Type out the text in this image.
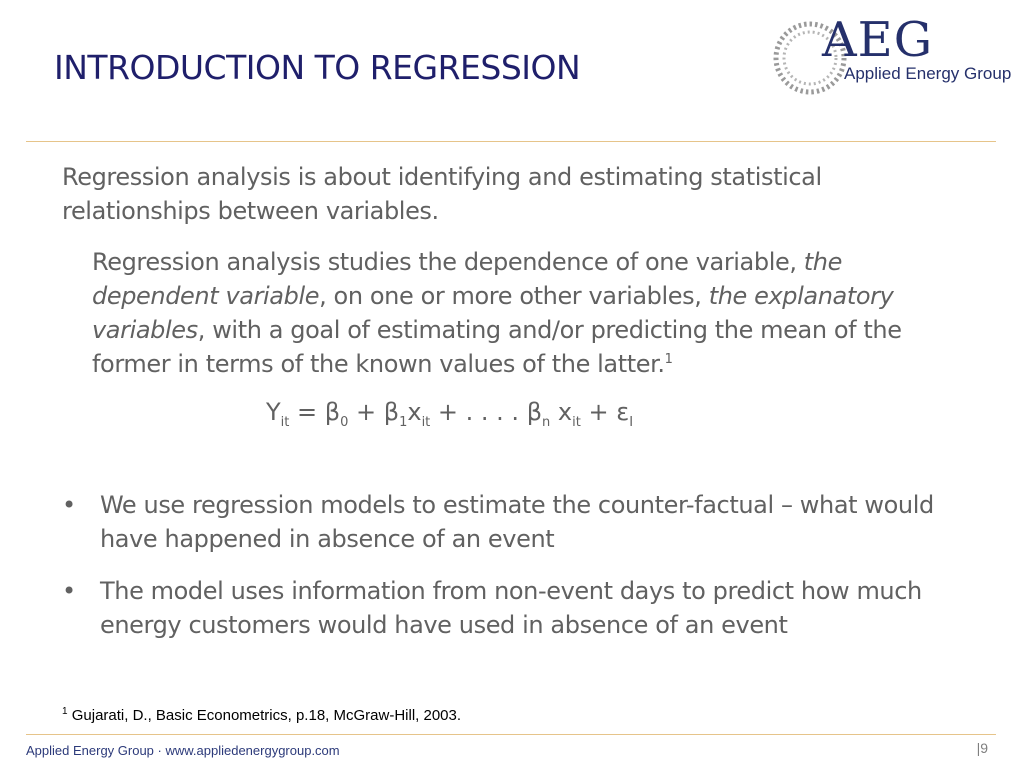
INTRODUCTION TO REGRESSION	AEG
Applied Energy Group
Regression analysis is about identifying and estimating statistical relationships between variables.
Regression analysis studies the dependence of one variable, the dependent variable, on one or more other variables, the explanatory variables, with a goal of estimating and/or predicting the mean of the former in terms of the known values of the latter.$^1$
$Y_{it} = \beta_0 + \beta_1x_{it}$ + . . . . $\beta_n$ $x_{it} + \varepsilon_I$
• We use regression models to estimate the counter-factual – what would have happened in absence of an event
• The model uses information from non-event days to predict how much energy customers would have used in absence of an event
$^1$ Gujarati, D., Basic Econometrics, p.18, McGraw-Hill, 2003.
Applied Energy Group · www.appliedenergygroup.com	|9
